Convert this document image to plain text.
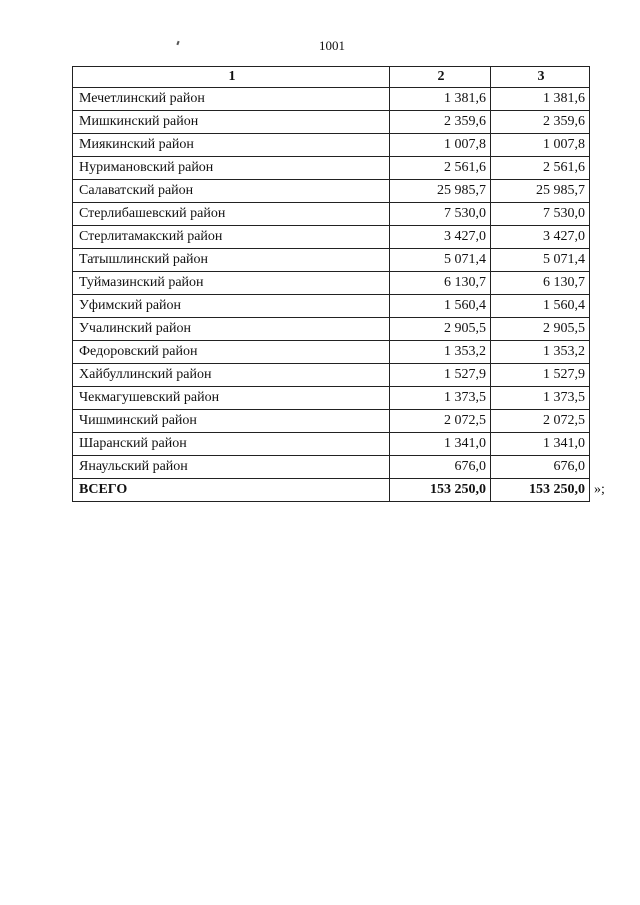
1001
1	2	3
Мечетлинский район	1 381,6	1 381,6
Мишкинский район	2 359,6	2 359,6
Миякинский район	1 007,8	1 007,8
Нуримановский район	2 561,6	2 561,6
Салаватский район	25 985,7	25 985,7
Стерлибашевский район	7 530,0	7 530,0
Стерлитамакский район	3 427,0	3 427,0
Татышлинский район	5 071,4	5 071,4
Туймазинский район	6 130,7	6 130,7
Уфимский район	1 560,4	1 560,4
Учалинский район	2 905,5	2 905,5
Федоровский район	1 353,2	1 353,2
Хайбуллинский район	1 527,9	1 527,9
Чекмагушевский район	1 373,5	1 373,5
Чишминский район	2 072,5	2 072,5
Шаранский район	1 341,0	1 341,0
Янаульский район	676,0	676,0
ВСЕГО	153 250,0	153 250,0 »;
